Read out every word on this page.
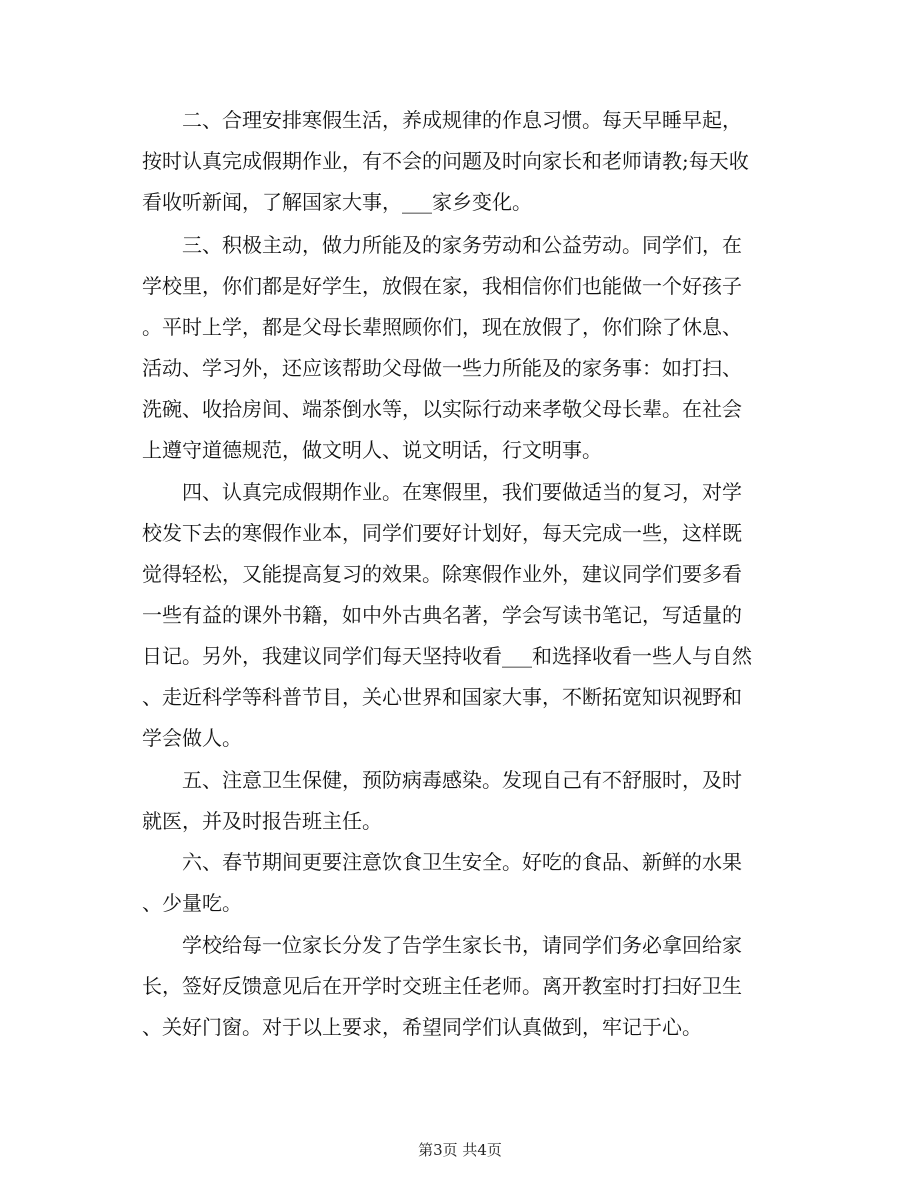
二、合理安排寒假生活，养成规律的作息习惯。每天早睡早起，
按时认真完成假期作业，有不会的问题及时向家长和老师请教;每天收
看收听新闻，了解国家大事，___家乡变化。
三、积极主动，做力所能及的家务劳动和公益劳动。同学们，在
学校里，你们都是好学生，放假在家，我相信你们也能做一个好孩子
。平时上学，都是父母长辈照顾你们，现在放假了，你们除了休息、
活动、学习外，还应该帮助父母做一些力所能及的家务事：如打扫、
洗碗、收拾房间、端茶倒水等，以实际行动来孝敬父母长辈。在社会
上遵守道德规范，做文明人、说文明话，行文明事。
四、认真完成假期作业。在寒假里，我们要做适当的复习，对学
校发下去的寒假作业本，同学们要好计划好，每天完成一些，这样既
觉得轻松，又能提高复习的效果。除寒假作业外，建议同学们要多看
一些有益的课外书籍，如中外古典名著，学会写读书笔记，写适量的
日记。另外，我建议同学们每天坚持收看___和选择收看一些人与自然
、走近科学等科普节目，关心世界和国家大事，不断拓宽知识视野和
学会做人。
五、注意卫生保健，预防病毒感染。发现自己有不舒服时，及时
就医，并及时报告班主任。
六、春节期间更要注意饮食卫生安全。好吃的食品、新鲜的水果
、少量吃。
学校给每一位家长分发了告学生家长书，请同学们务必拿回给家
长，签好反馈意见后在开学时交班主任老师。离开教室时打扫好卫生
、关好门窗。对于以上要求，希望同学们认真做到，牢记于心。
第3页 共4页
